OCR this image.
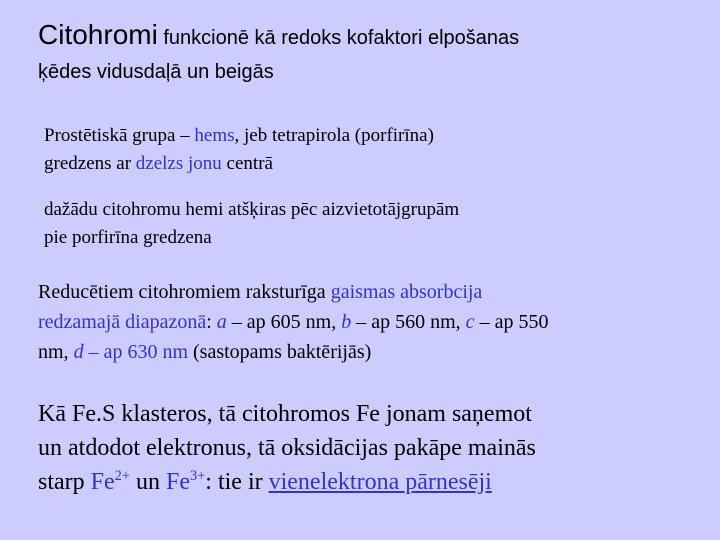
Citohromi funkcionē kā redoks kofaktori elpošanas
ķēdes vidusdaļā un beigās

Prostētiskā grupa – hems, jeb tetrapirola (porfirīna)
gredzens ar dzelzs jonu centrā

dažādu citohromu hemi atšķiras pēc aizvietotājgrupām
pie porfirīna gredzena

Reducētiem citohromiem raksturīga gaismas absorbcija
redzamajā diapazonā: a – ap 605 nm, b – ap 560 nm, c – ap 550
nm, d – ap 630 nm (sastopams baktērijās)

Kā Fe.S klasteros, tā citohromos Fe jonam saņemot
un atdodot elektronus, tā oksidācijas pakāpe mainās
starp $Fe^{2+}$ un $Fe^{3+}$: tie ir vienelektrona pārnesēji
